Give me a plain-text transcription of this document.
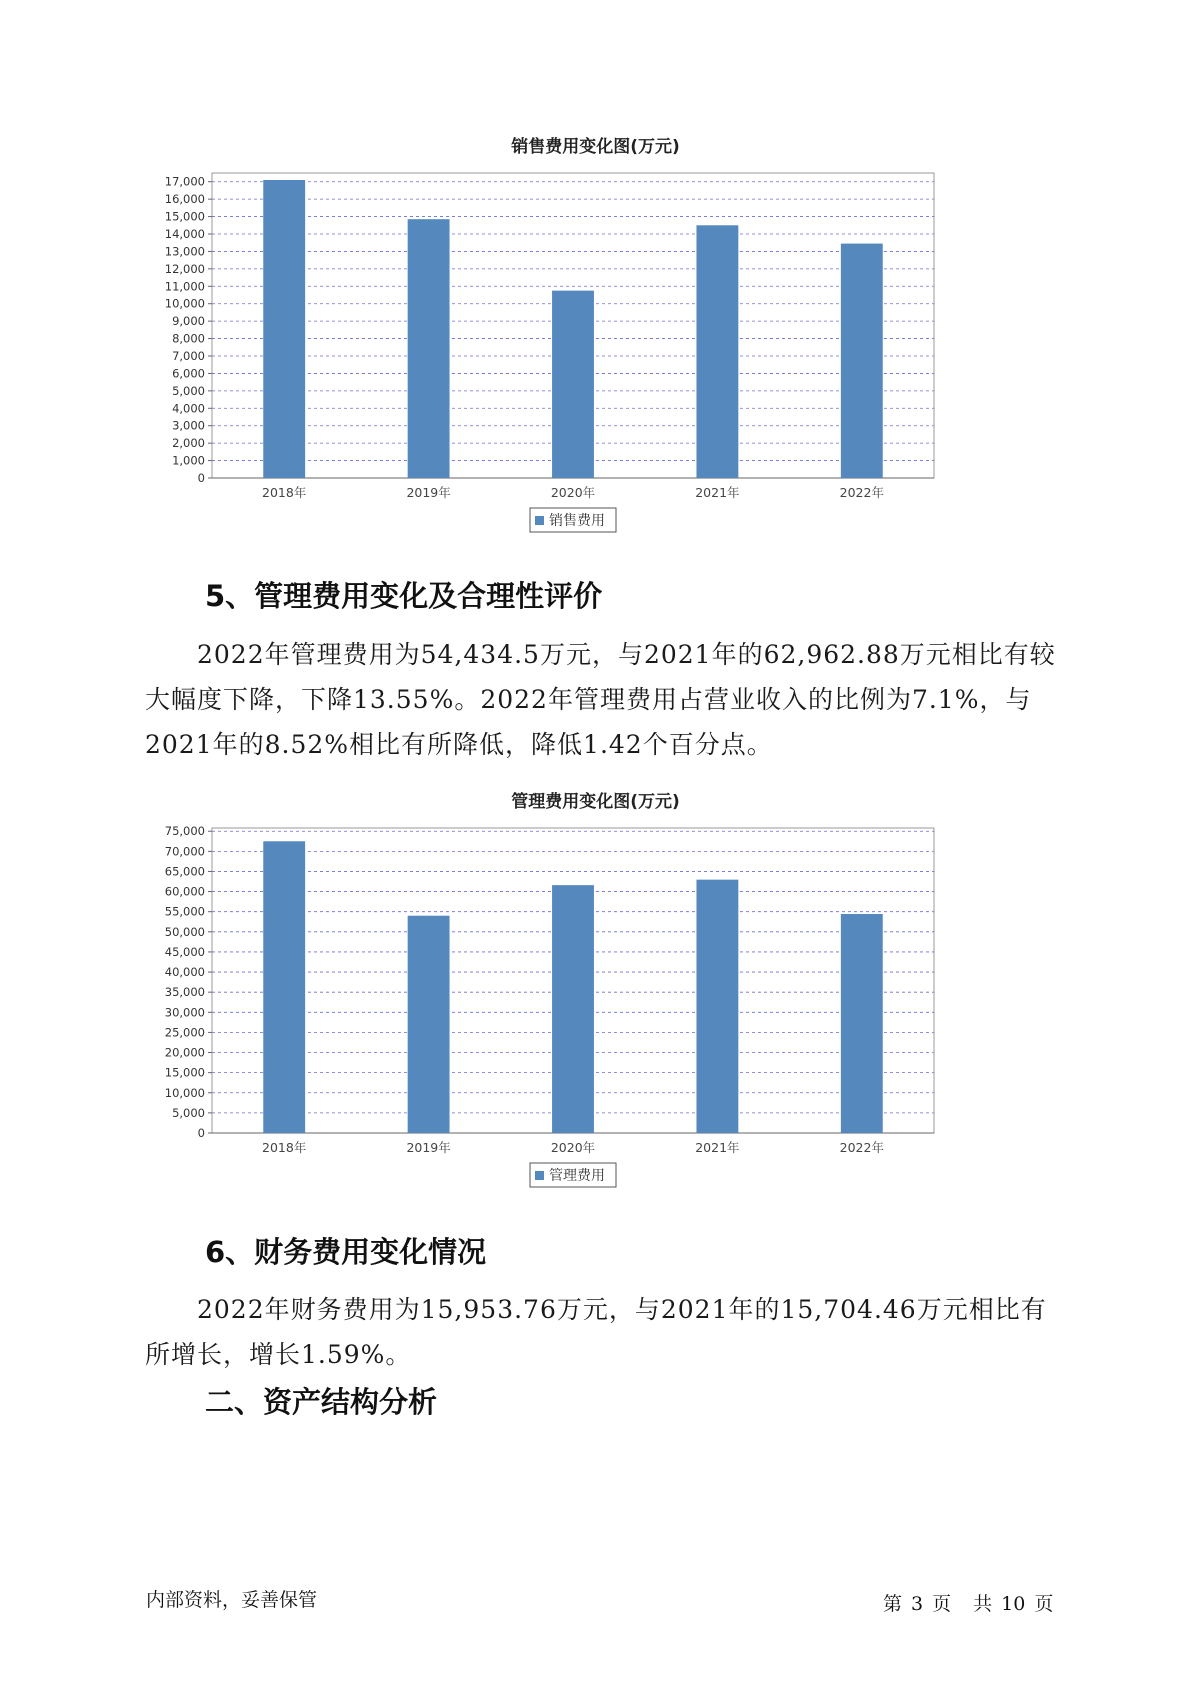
销售费用变化图(万元)
0
1,000
2,000
3,000
4,000
5,000
6,000
7,000
8,000
9,000
10,000
11,000
12,000
13,000
14,000
15,000
16,000
17,000
2018年	2019年	2020年	2021年	2022年
销售费用
5、管理费用变化及合理性评价

2022年管理费用为54,434.5万元，与2021年的62,962.88万元相比有较大幅度下降，下降13.55%。2022年管理费用占营业收入的比例为7.1%，与2021年的8.52%相比有所降低，降低1.42个百分点。

管理费用变化图(万元)
0
5,000
10,000
15,000
20,000
25,000
30,000
35,000
40,000
45,000
50,000
55,000
60,000
65,000
70,000
75,000
2018年	2019年	2020年	2021年	2022年
管理费用
6、财务费用变化情况

2022年财务费用为15,953.76万元，与2021年的15,704.46万元相比有所增长，增长1.59%。

二、资产结构分析
内部资料，妥善保管	第 3 页 共 10 页
